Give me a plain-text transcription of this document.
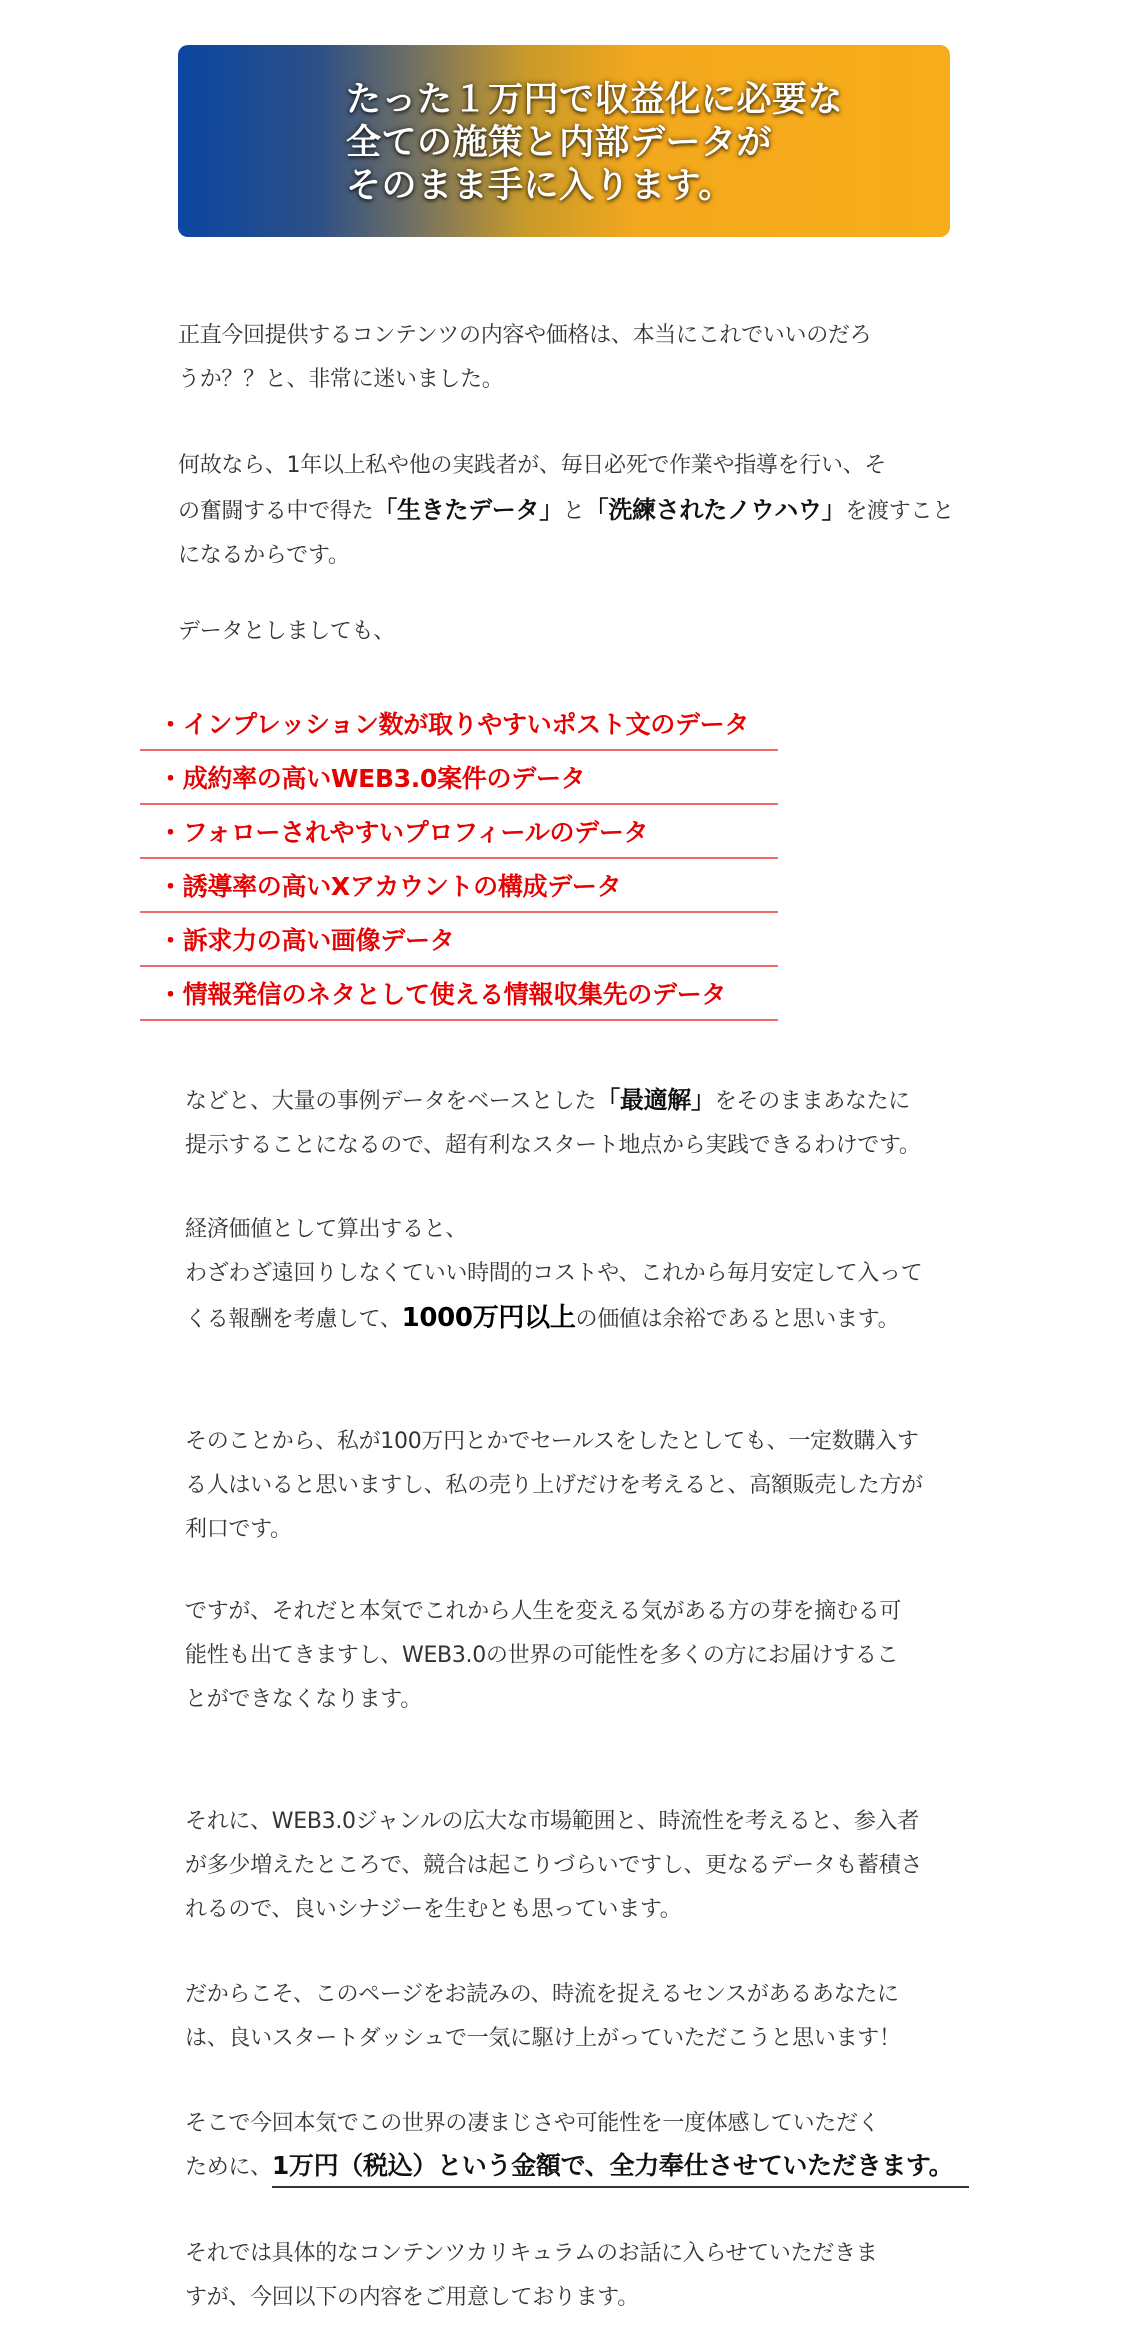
たった１万円で収益化に必要な
全ての施策と内部データが
そのまま手に入ります。
正直今回提供するコンテンツの内容や価格は、本当にこれでいいのだろ
うか？？と、非常に迷いました。
何故なら、1年以上私や他の実践者が、毎日必死で作業や指導を行い、そ
の奮闘する中で得た「生きたデータ」と「洗練されたノウハウ」を渡すこと
になるからです。
データとしましても、
・インプレッション数が取りやすいポスト文のデータ
・成約率の高いWEB3.0案件のデータ
・フォローされやすいプロフィールのデータ
・誘導率の高いXアカウントの構成データ
・訴求力の高い画像データ
・情報発信のネタとして使える情報収集先のデータ
などと、大量の事例データをベースとした「最適解」をそのままあなたに
提示することになるので、超有利なスタート地点から実践できるわけです。
経済価値として算出すると、
わざわざ遠回りしなくていい時間的コストや、これから毎月安定して入って
くる報酬を考慮して、1000万円以上の価値は余裕であると思います。
そのことから、私が100万円とかでセールスをしたとしても、一定数購入す
る人はいると思いますし、私の売り上げだけを考えると、高額販売した方が
利口です。
ですが、それだと本気でこれから人生を変える気がある方の芽を摘むる可
能性も出てきますし、WEB3.0の世界の可能性を多くの方にお届けするこ
とができなくなります。
それに、WEB3.0ジャンルの広大な市場範囲と、時流性を考えると、参入者
が多少増えたところで、競合は起こりづらいですし、更なるデータも蓄積さ
れるので、良いシナジーを生むとも思っています。
だからこそ、このページをお読みの、時流を捉えるセンスがあるあなたに
は、良いスタートダッシュで一気に駆け上がっていただこうと思います！
そこで今回本気でこの世界の凄まじさや可能性を一度体感していただく
ために、1万円（税込）という金額で、全力奉仕させていただきます。
それでは具体的なコンテンツカリキュラムのお話に入らせていただきま
すが、今回以下の内容をご用意しております。
